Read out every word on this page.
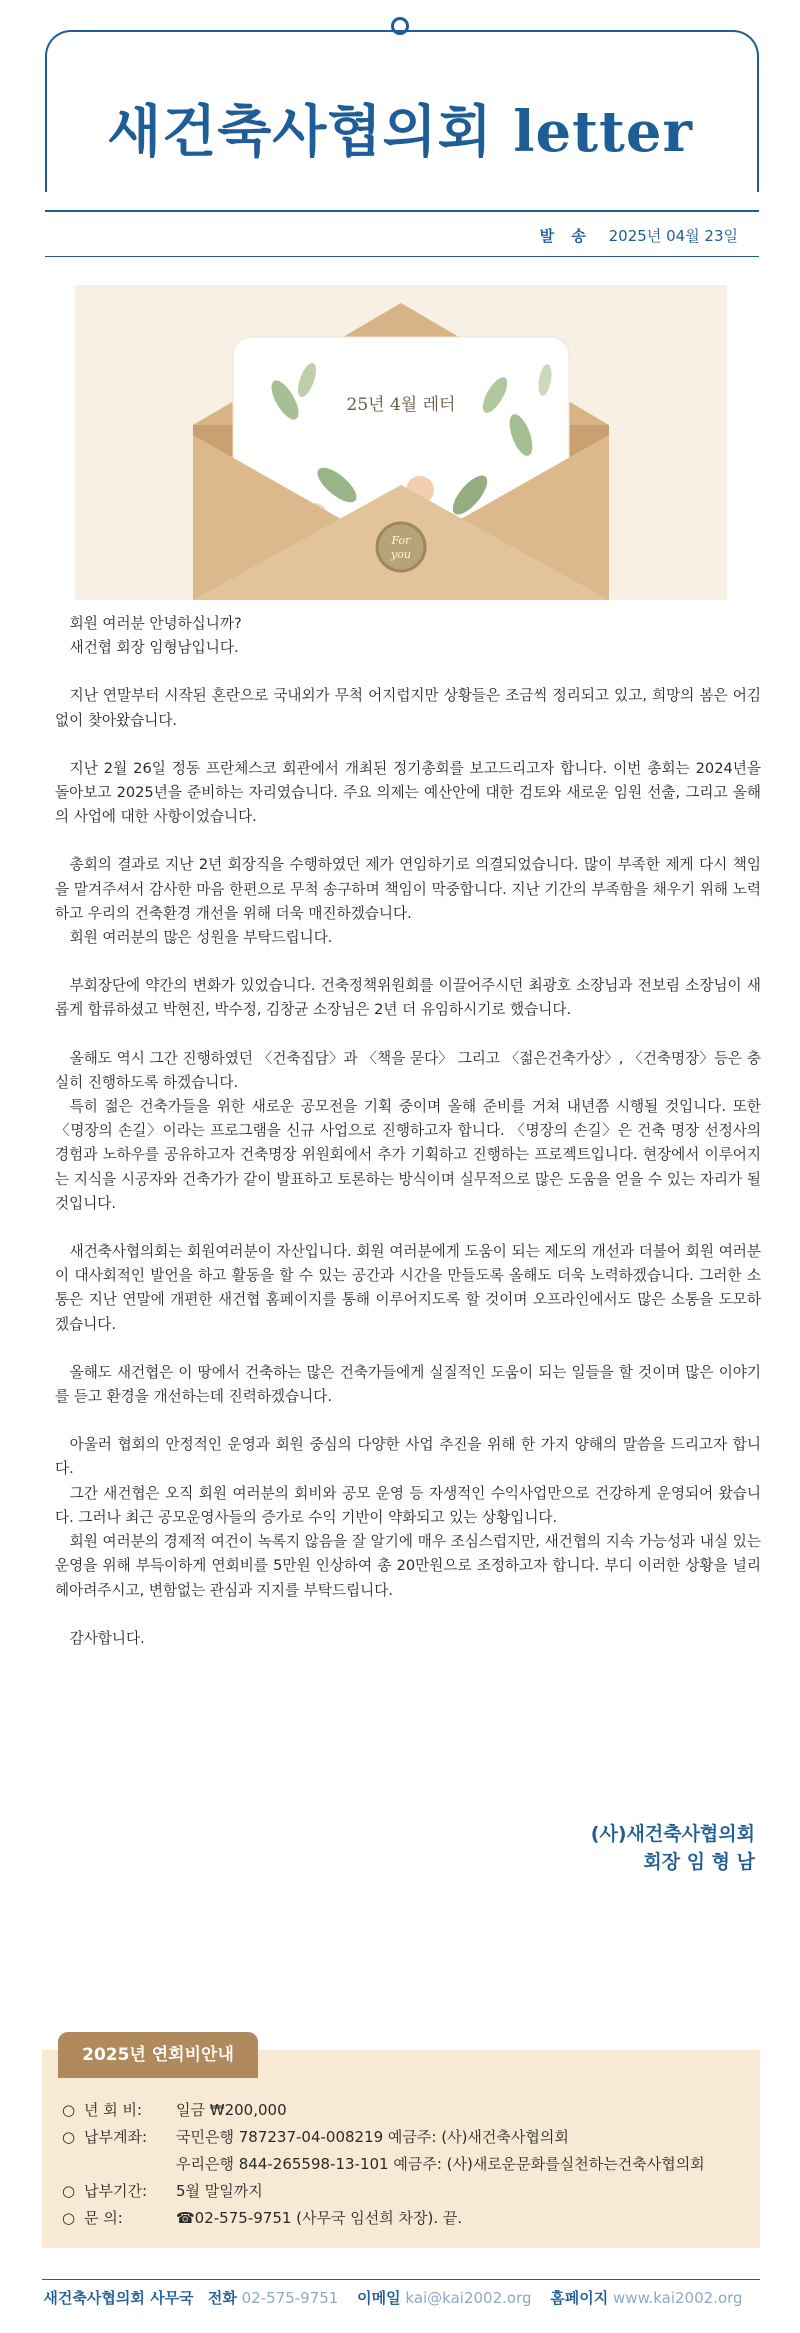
새건축사협의회 letter
발 송 2025년 04월 23일
For
you
25년 4월 레터

회원 여러분 안녕하십니까?

새건협 회장 임형남입니다.

지난 연말부터 시작된 혼란으로 국내외가 무척 어지럽지만 상황들은 조금씩 정리되고 있고, 희망의 봄은 어김없이 찾아왔습니다.

지난 2월 26일 정동 프란체스코 회관에서 개최된 정기총회를 보고드리고자 합니다. 이번 총회는 2024년을 돌아보고 2025년을 준비하는 자리였습니다. 주요 의제는 예산안에 대한 검토와 새로운 임원 선출, 그리고 올해의 사업에 대한 사항이었습니다.

총회의 결과로 지난 2년 회장직을 수행하였던 제가 연임하기로 의결되었습니다. 많이 부족한 제게 다시 책임을 맡겨주셔서 감사한 마음 한편으로 무척 송구하며 책임이 막중합니다. 지난 기간의 부족함을 채우기 위해 노력하고 우리의 건축환경 개선을 위해 더욱 매진하겠습니다.

회원 여러분의 많은 성원을 부탁드립니다.

부회장단에 약간의 변화가 있었습니다. 건축정책위원회를 이끌어주시던 최광호 소장님과 전보림 소장님이 새롭게 합류하셨고 박현진, 박수정, 김창균 소장님은 2년 더 유임하시기로 했습니다.

올해도 역시 그간 진행하였던 〈건축집담〉과 〈책을 묻다〉 그리고 〈젊은건축가상〉, 〈건축명장〉등은 충실히 진행하도록 하겠습니다.

특히 젊은 건축가들을 위한 새로운 공모전을 기획 중이며 올해 준비를 거쳐 내년쯤 시행될 것입니다. 또한 〈명장의 손길〉이라는 프로그램을 신규 사업으로 진행하고자 합니다. 〈명장의 손길〉은 건축 명장 선정사의 경험과 노하우를 공유하고자 건축명장 위원회에서 추가 기획하고 진행하는 프로젝트입니다. 현장에서 이루어지는 지식을 시공자와 건축가가 같이 발표하고 토론하는 방식이며 실무적으로 많은 도움을 얻을 수 있는 자리가 될 것입니다.

새건축사협의회는 회원여러분이 자산입니다. 회원 여러분에게 도움이 되는 제도의 개선과 더불어 회원 여러분이 대사회적인 발언을 하고 활동을 할 수 있는 공간과 시간을 만들도록 올해도 더욱 노력하겠습니다. 그러한 소통은 지난 연말에 개편한 새건협 홈페이지를 통해 이루어지도록 할 것이며 오프라인에서도 많은 소통을 도모하겠습니다.

올해도 새건협은 이 땅에서 건축하는 많은 건축가들에게 실질적인 도움이 되는 일들을 할 것이며 많은 이야기를 듣고 환경을 개선하는데 진력하겠습니다.

아울러 협회의 안정적인 운영과 회원 중심의 다양한 사업 추진을 위해 한 가지 양해의 말씀을 드리고자 합니다.

그간 새건협은 오직 회원 여러분의 회비와 공모 운영 등 자생적인 수익사업만으로 건강하게 운영되어 왔습니다. 그러나 최근 공모운영사들의 증가로 수익 기반이 약화되고 있는 상황입니다.

회원 여러분의 경제적 여건이 녹록지 않음을 잘 알기에 매우 조심스럽지만, 새건협의 지속 가능성과 내실 있는 운영을 위해 부득이하게 연회비를 5만원 인상하여 총 20만원으로 조정하고자 합니다. 부디 이러한 상황을 널리 헤아려주시고, 변함없는 관심과 지지를 부탁드립니다.

감사합니다.

(사)새건축사협의회
회장 임 형 남
2025년 연회비안내
○ 년 회 비: 일금 ₩200,000
○ 납부계좌: 국민은행 787237-04-008219 예금주: (사)새건축사협의회
우리은행 844-265598-13-101 예금주: (사)새로운문화를실천하는건축사협의회
○ 납부기간: 5월 말일까지
○ 문 의:	☎02-575-9751 (사무국 임선희 차장). 끝.
새건축사협의회 사무국 전화 02-575-9751 이메일 kai@kai2002.org 홈페이지 www.kai2002.org
